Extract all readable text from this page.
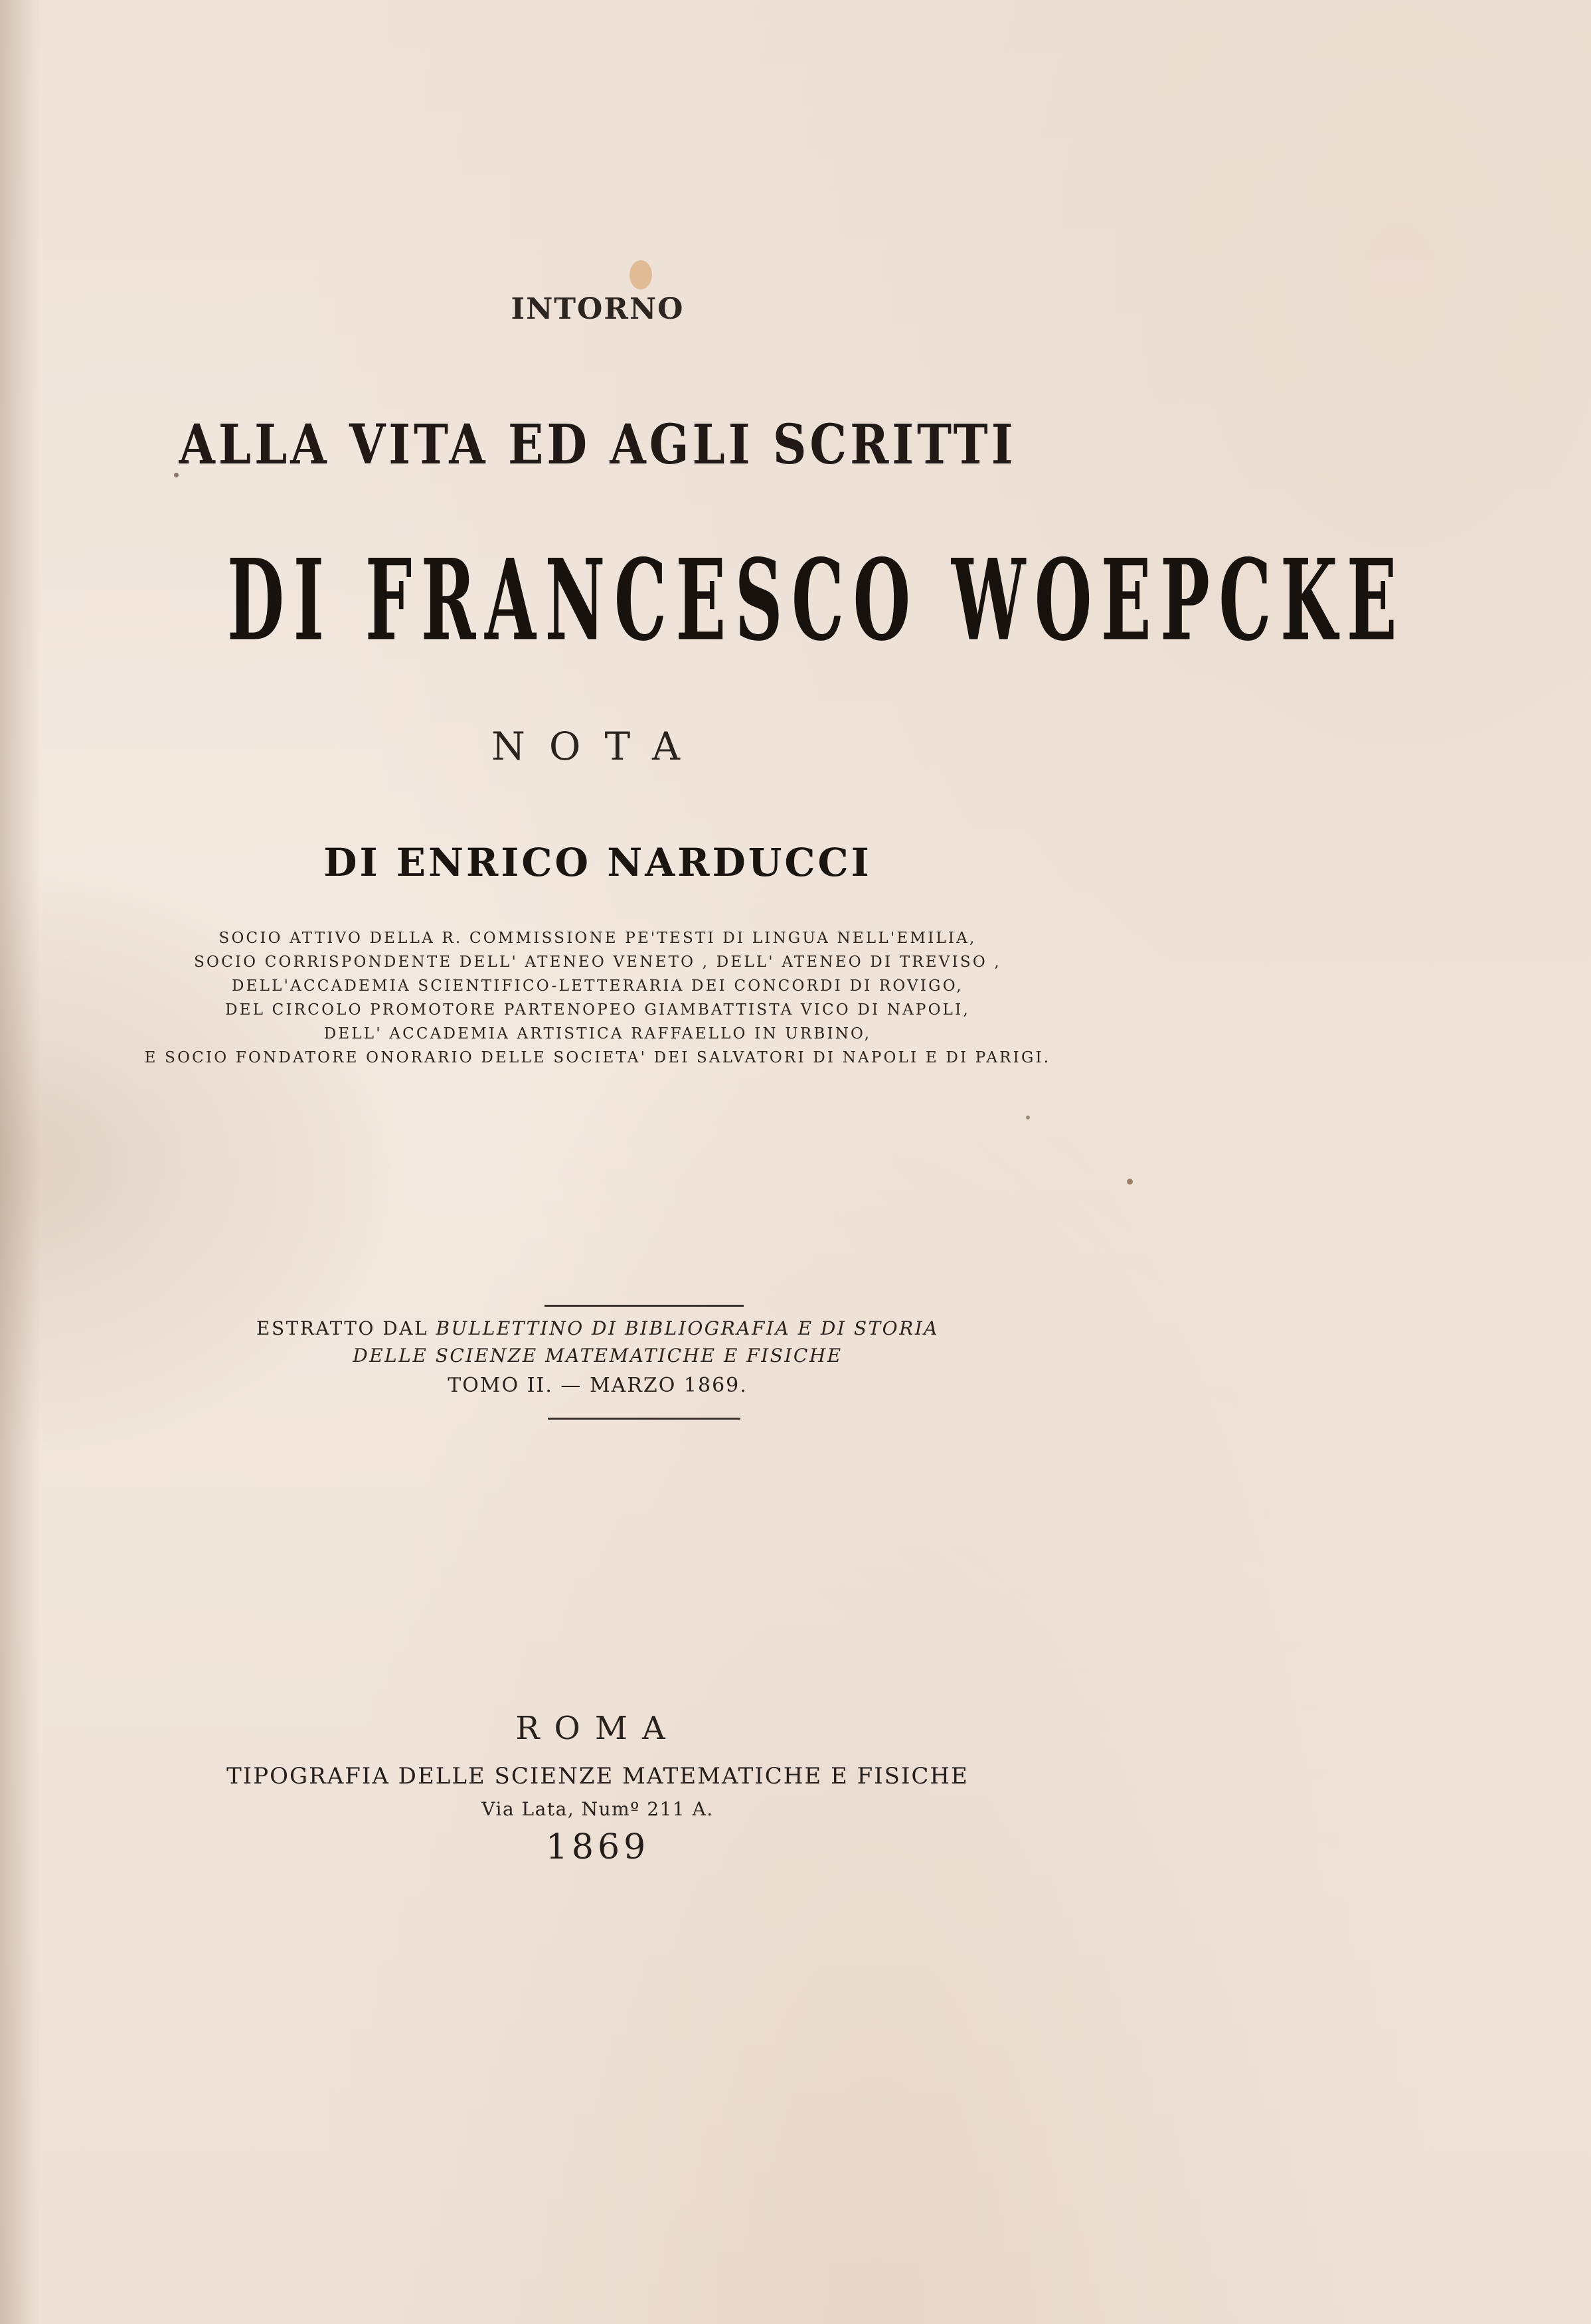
INTORNO
ALLA VITA ED AGLI SCRITTI
DI FRANCESCO WOEPCKE
NOTA
DI ENRICO NARDUCCI
SOCIO ATTIVO DELLA R. COMMISSIONE PE'TESTI DI LINGUA NELL'EMILIA,
SOCIO CORRISPONDENTE DELL' ATENEO VENETO , DELL' ATENEO DI TREVISO ,
DELL'ACCADEMIA SCIENTIFICO-LETTERARIA DEI CONCORDI DI ROVIGO,
DEL CIRCOLO PROMOTORE PARTENOPEO GIAMBATTISTA VICO DI NAPOLI,
DELL' ACCADEMIA ARTISTICA RAFFAELLO IN URBINO,
E SOCIO FONDATORE ONORARIO DELLE SOCIETA' DEI SALVATORI DI NAPOLI E DI PARIGI.
ESTRATTO DAL BULLETTINO DI BIBLIOGRAFIA E DI STORIA
DELLE SCIENZE MATEMATICHE E FISICHE
TOMO II. — MARZO 1869.
ROMA
TIPOGRAFIA DELLE SCIENZE MATEMATICHE E FISICHE
Via Lata, Numº 211 A.
1869
